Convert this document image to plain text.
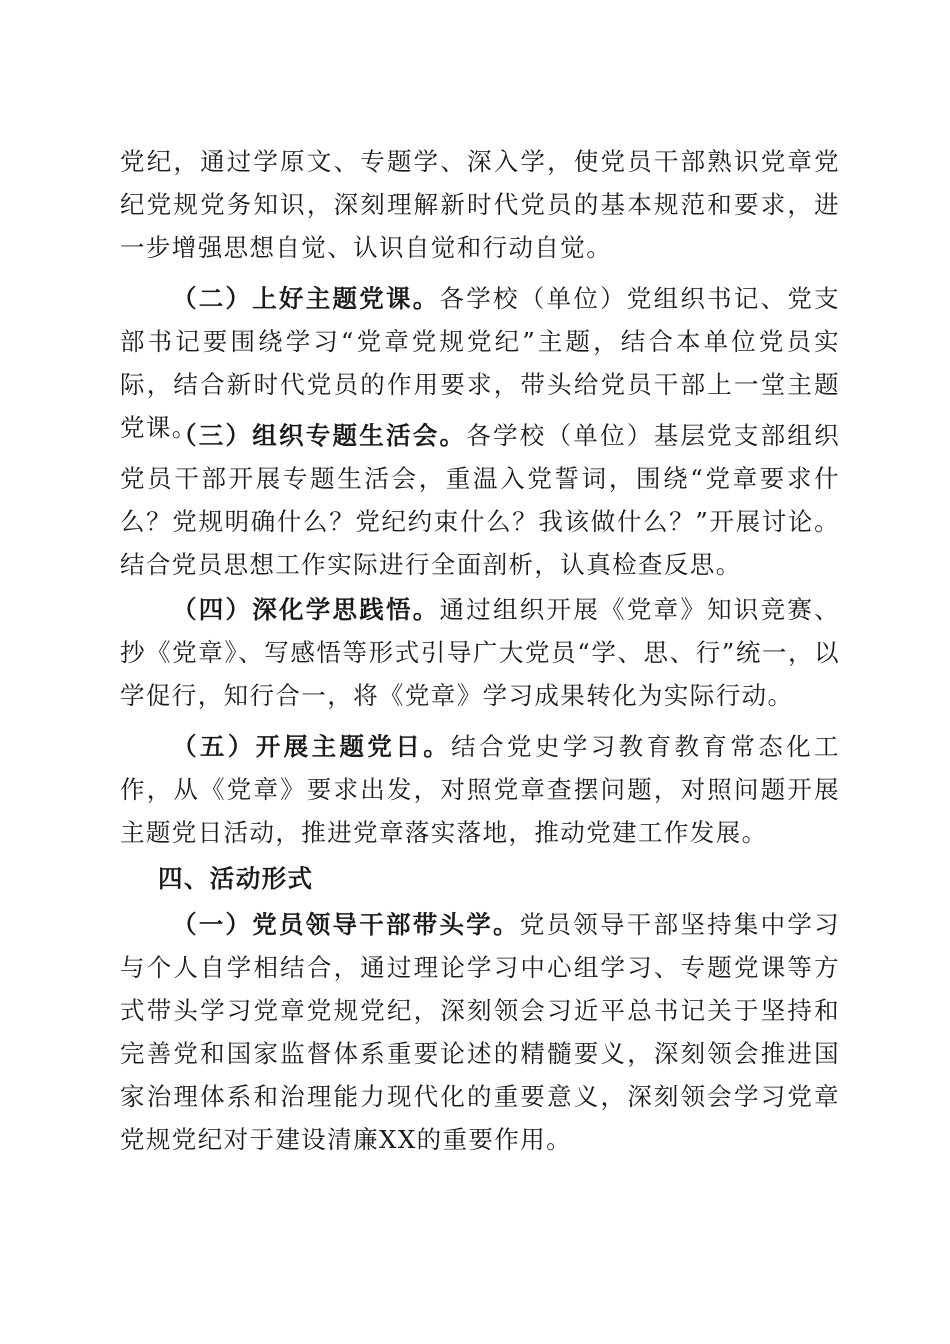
党纪，通过学原文、专题学、深入学，使党员干部熟识党章党纪党规党务知识，深刻理解新时代党员的基本规范和要求，进一步增强思想自觉、认识自觉和行动自觉。

（二）上好主题党课。各学校（单位）党组织书记、党支部书记要围绕学习“党章党规党纪”主题，结合本单位党员实际，结合新时代党员的作用要求，带头给党员干部上一堂主题党课。

（三）组织专题生活会。各学校（单位）基层党支部组织党员干部开展专题生活会，重温入党誓词，围绕“党章要求什么？党规明确什么？党纪约束什么？我该做什么？”开展讨论。结合党员思想工作实际进行全面剖析，认真检查反思。

（四）深化学思践悟。通过组织开展《党章》知识竞赛、抄《党章》、写感悟等形式引导广大党员“学、思、行”统一，以学促行，知行合一，将《党章》学习成果转化为实际行动。

（五）开展主题党日。结合党史学习教育教育常态化工作，从《党章》要求出发，对照党章查摆问题，对照问题开展主题党日活动，推进党章落实落地，推动党建工作发展。

四、活动形式

（一）党员领导干部带头学。党员领导干部坚持集中学习与个人自学相结合，通过理论学习中心组学习、专题党课等方式带头学习党章党规党纪，深刻领会习近平总书记关于坚持和完善党和国家监督体系重要论述的精髓要义，深刻领会推进国家治理体系和治理能力现代化的重要意义，深刻领会学习党章党规党纪对于建设清廉XX的重要作用。
